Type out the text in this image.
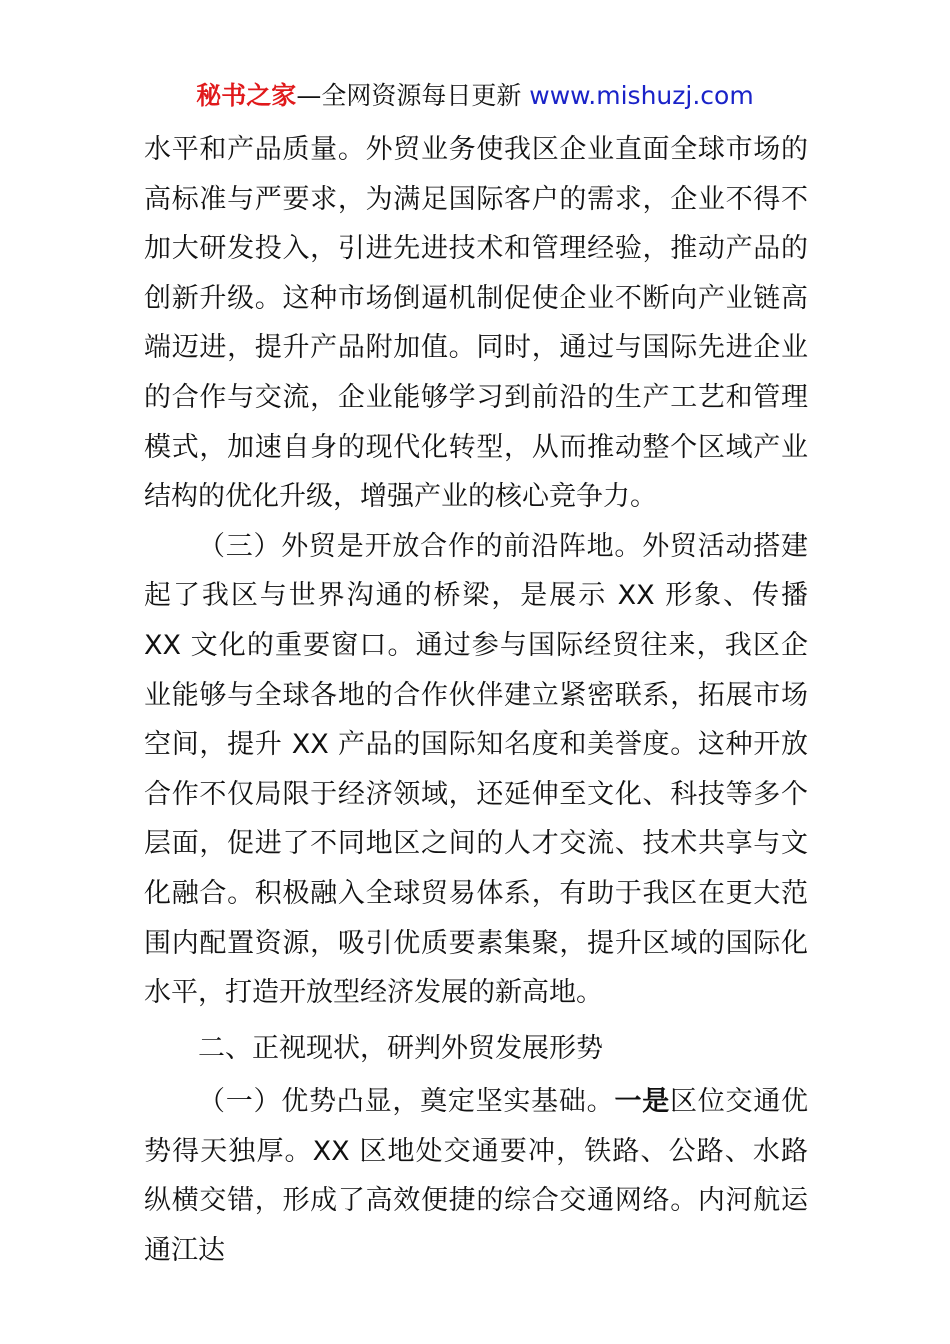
秘书之家—全网资源每日更新 www.mishuzj.com

水平和产品质量。外贸业务使我区企业直面全球市场的高标准与严要求，为满足国际客户的需求，企业不得不加大研发投入，引进先进技术和管理经验，推动产品的创新升级。这种市场倒逼机制促使企业不断向产业链高端迈进，提升产品附加值。同时，通过与国际先进企业的合作与交流，企业能够学习到前沿的生产工艺和管理模式，加速自身的现代化转型，从而推动整个区域产业结构的优化升级，增强产业的核心竞争力。

（三）外贸是开放合作的前沿阵地。外贸活动搭建起了我区与世界沟通的桥梁，是展示 XX 形象、传播 XX 文化的重要窗口。通过参与国际经贸往来，我区企业能够与全球各地的合作伙伴建立紧密联系，拓展市场空间，提升 XX 产品的国际知名度和美誉度。这种开放合作不仅局限于经济领域，还延伸至文化、科技等多个层面，促进了不同地区之间的人才交流、技术共享与文化融合。积极融入全球贸易体系，有助于我区在更大范围内配置资源，吸引优质要素集聚，提升区域的国际化水平，打造开放型经济发展的新高地。

二、正视现状，研判外贸发展形势

（一）优势凸显，奠定坚实基础。一是区位交通优势得天独厚。XX 区地处交通要冲，铁路、公路、水路纵横交错，形成了高效便捷的综合交通网络。内河航运通江达
